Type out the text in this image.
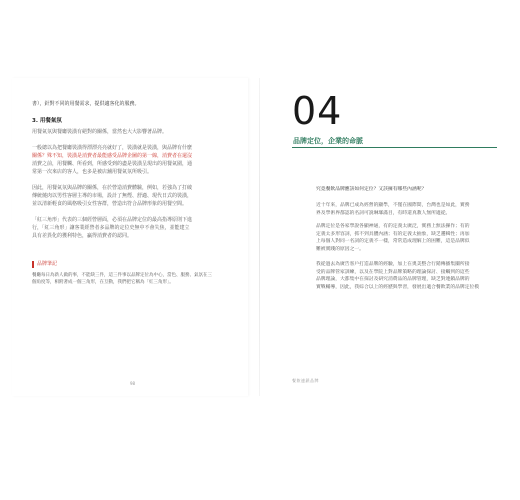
書），針對不同的用餐需求，提供適客化的服務。

3. 用餐氣氛

用餐氣氛與餐廳裝潢有絕對的關係，當然也大大影響著品牌。

一般總以為把餐廳裝潢得漂漂亮亮就好了，裝潢就是裝潢，與品牌有什麼

關係？殊不知，裝潢是消費者最能感受品牌企圖的第一線，消費者在還沒

消費之前，用餐觸、所看到，所感受到的盡是裝潢呈現出的用餐氣圍，通

常第一次來店的客人，也多是被店舖用餐氣氛所吸引。

因此，用餐氣氛與品牌的關係，在於營造消費體驗，例如，若強為了打破

傳統燒肉以男性客層主導的市場，設計了無煙、舒適、現代日式的裝潢，

並以清新輕食的風格吸引女性客群，營造出符合品牌形象的用餐空間。

「紅三角形」代表的三個經營層面，必須在品牌定位的最高指導原則下進

行，「紅三角形」讓客業經營者多品牌的定位史無中不會失焦，並能建立

具有差異化的獲利特色，贏得消費者的認同。

品牌筆記

餐廳每日為新人做的事，不能缺三件，這三件事以品牌定位為中心，當色、服務、氣氛在三

個角度等，相附著成一個三角形，在互動，我們把它稱為「紅三角形」。

98
04
品牌定位，企業的命脈

究竟餐飲品牌應該如何定位？又該擁有哪些內涵呢？

近十年來，品牌已成為經營的顯學，不僅在國際間，台灣也是如此，實務

界及學術界都認的名詞可說琳瑯滿目，有時還真教人無所適從。

品牌定位是各家學說各顯神通，有的定義太廣泛，實務上無法操作；有的

定義太多形容詞，抓不到具體內涵；有的定義太抽象，缺乏邏輯性；再加

上每個人對同一名詞的定義不一樣，常常造成理解上的困難，這是品牌似

難被實踐的原因之一。

我從過去為廣告客戶打造品牌的經驗，加上在奧美整合行銷傳播集團所接

受的品牌管家訓練，以及在學院上對品牌策略的理論探討、接觸到的這些

品牌理論，大都集中在探討及研究消費品的品牌管理，缺乏對連鎖品牌的

實戰輔導，因此，我綜合以上的經歷與學習，發展出適合餐飲業的品牌定位模

餐飲連鎖品牌
